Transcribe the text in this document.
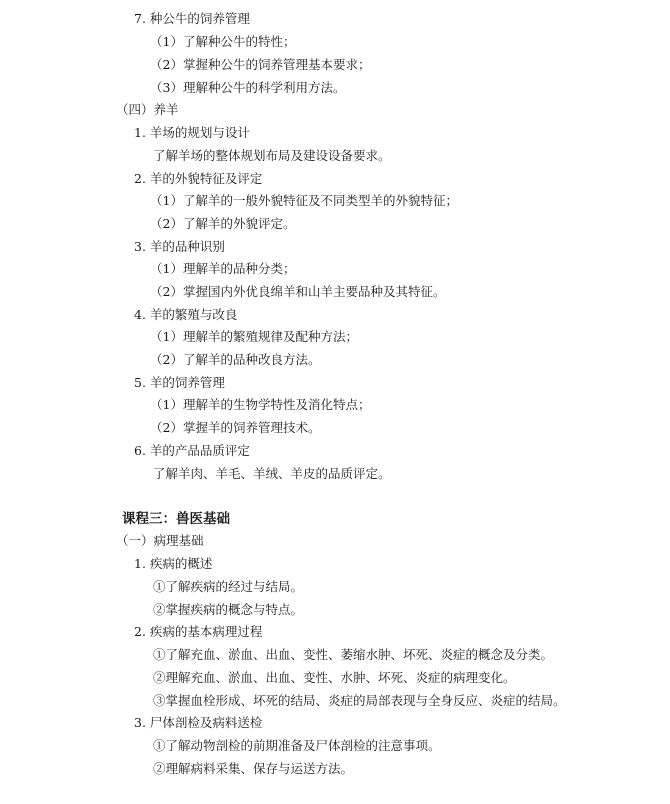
7. 种公牛的饲养管理
（1）了解种公牛的特性；
（2）掌握种公牛的饲养管理基本要求；
（3）理解种公牛的科学利用方法。
（四）养羊
1. 羊场的规划与设计
了解羊场的整体规划布局及建设设备要求。
2. 羊的外貌特征及评定
（1）了解羊的一般外貌特征及不同类型羊的外貌特征；
（2）了解羊的外貌评定。
3. 羊的品种识别
（1）理解羊的品种分类；
（2）掌握国内外优良绵羊和山羊主要品种及其特征。
4. 羊的繁殖与改良
（1）理解羊的繁殖规律及配种方法；
（2）了解羊的品种改良方法。
5. 羊的饲养管理
（1）理解羊的生物学特性及消化特点；
（2）掌握羊的饲养管理技术。
6. 羊的产品品质评定
了解羊肉、羊毛、羊绒、羊皮的品质评定。
课程三：兽医基础
（一）病理基础
1. 疾病的概述
①了解疾病的经过与结局。
②掌握疾病的概念与特点。
2. 疾病的基本病理过程
①了解充血、淤血、出血、变性、萎缩水肿、坏死、炎症的概念及分类。
②理解充血、淤血、出血、变性、水肿、坏死、炎症的病理变化。
③掌握血栓形成、坏死的结局、炎症的局部表现与全身反应、炎症的结局。
3. 尸体剖检及病料送检
①了解动物剖检的前期准备及尸体剖检的注意事项。
②理解病料采集、保存与运送方法。
